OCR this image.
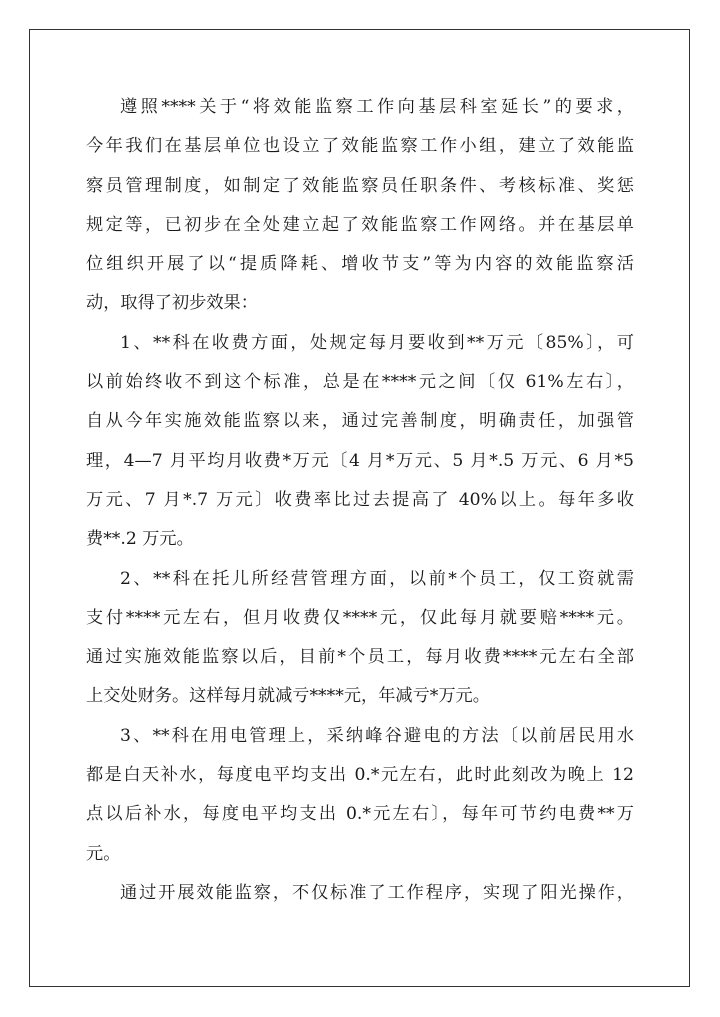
遵照****关于“将效能监察工作向基层科室延长”的要求，
今年我们在基层单位也设立了效能监察工作小组，建立了效能监
察员管理制度，如制定了效能监察员任职条件、考核标准、奖惩
规定等，已初步在全处建立起了效能监察工作网络。并在基层单
位组织开展了以“提质降耗、增收节支”等为内容的效能监察活
动，取得了初步效果：
1、**科在收费方面，处规定每月要收到**万元〔85%〕，可
以前始终收不到这个标准，总是在****元之间〔仅 61%左右〕，
自从今年实施效能监察以来，通过完善制度，明确责任，加强管
理，4—7 月平均月收费*万元〔4 月*万元、5 月*.5 万元、6 月*5
万元、7 月*.7 万元〕收费率比过去提高了 40%以上。每年多收
费**.2 万元。
2、**科在托儿所经营管理方面，以前*个员工，仅工资就需
支付****元左右，但月收费仅****元，仅此每月就要赔****元。
通过实施效能监察以后，目前*个员工，每月收费****元左右全部
上交处财务。这样每月就减亏****元，年减亏*万元。
3、**科在用电管理上，采纳峰谷避电的方法〔以前居民用水
都是白天补水，每度电平均支出 0.*元左右，此时此刻改为晚上 12
点以后补水，每度电平均支出 0.*元左右〕，每年可节约电费**万
元。
通过开展效能监察，不仅标准了工作程序，实现了阳光操作，
